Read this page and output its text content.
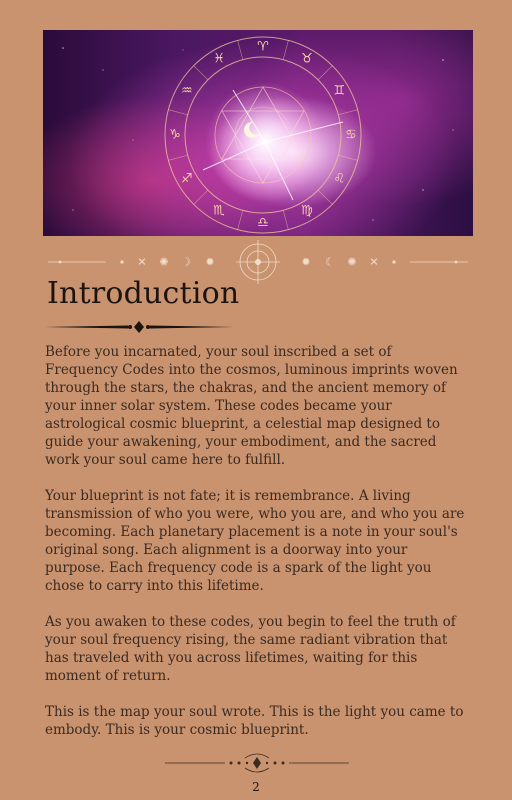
♈
♉
♊
♋
♌
♍
♎
♏
♐
♑
♒
♓
✕ ✺ ☽ ✹	✹ ☾ ✺ ✕
Introduction

Before you incarnated, your soul inscribed a set of Frequency Codes into the cosmos, luminous imprints woven through the stars, the chakras, and the ancient memory of your inner solar system. These codes became your astrological cosmic blueprint, a celestial map designed to guide your awakening, your embodiment, and the sacred work your soul came here to fulfill.

Your blueprint is not fate; it is remembrance. A living transmission of who you were, who you are, and who you are becoming. Each planetary placement is a note in your soul's original song. Each alignment is a doorway into your purpose. Each frequency code is a spark of the light you chose to carry into this lifetime.

As you awaken to these codes, you begin to feel the truth of your soul frequency rising, the same radiant vibration that has traveled with you across lifetimes, waiting for this moment of return.

This is the map your soul wrote. This is the light you came to embody. This is your cosmic blueprint.

2
